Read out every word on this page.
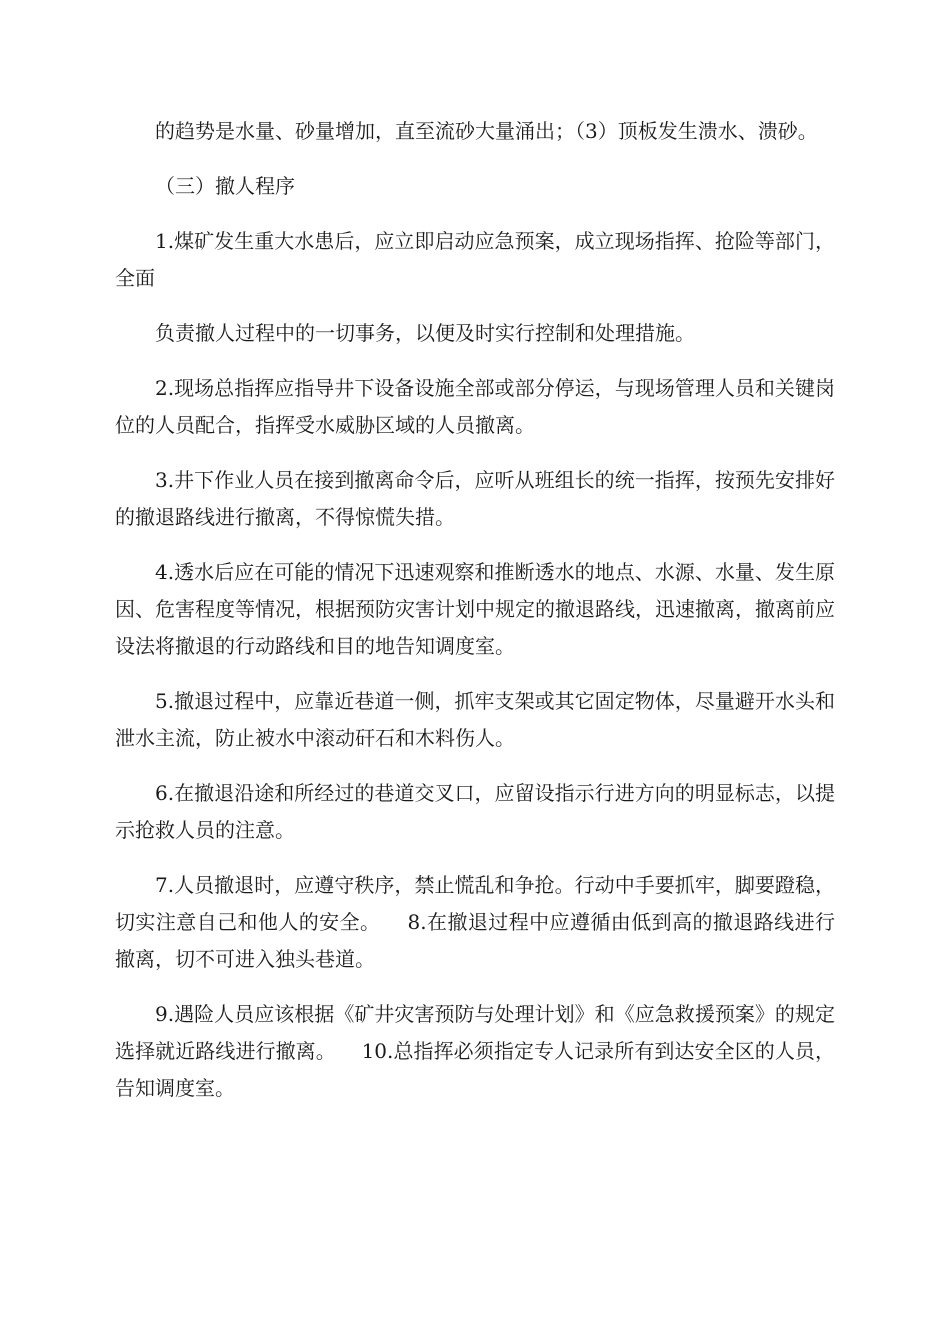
的趋势是水量、砂量增加，直至流砂大量涌出；（3）顶板发生溃水、溃砂。

（三）撤人程序

1.煤矿发生重大水患后，应立即启动应急预案，成立现场指挥、抢险等部门，全面

负责撤人过程中的一切事务，以便及时实行控制和处理措施。

2.现场总指挥应指导井下设备设施全部或部分停运，与现场管理人员和关键岗位的人员配合，指挥受水威胁区域的人员撤离。

3.井下作业人员在接到撤离命令后，应听从班组长的统一指挥，按预先安排好的撤退路线进行撤离，不得惊慌失措。

4.透水后应在可能的情况下迅速观察和推断透水的地点、水源、水量、发生原因、危害程度等情况，根据预防灾害计划中规定的撤退路线，迅速撤离，撤离前应设法将撤退的行动路线和目的地告知调度室。

5.撤退过程中，应靠近巷道一侧，抓牢支架或其它固定物体，尽量避开水头和泄水主流，防止被水中滚动矸石和木料伤人。

6.在撤退沿途和所经过的巷道交叉口，应留设指示行进方向的明显标志，以提示抢救人员的注意。

7.人员撤退时，应遵守秩序，禁止慌乱和争抢。行动中手要抓牢，脚要蹬稳，切实注意自己和他人的安全。 8.在撤退过程中应遵循由低到高的撤退路线进行撤离，切不可进入独头巷道。

9.遇险人员应该根据《矿井灾害预防与处理计划》和《应急救援预案》的规定选择就近路线进行撤离。 10.总指挥必须指定专人记录所有到达安全区的人员，告知调度室。
